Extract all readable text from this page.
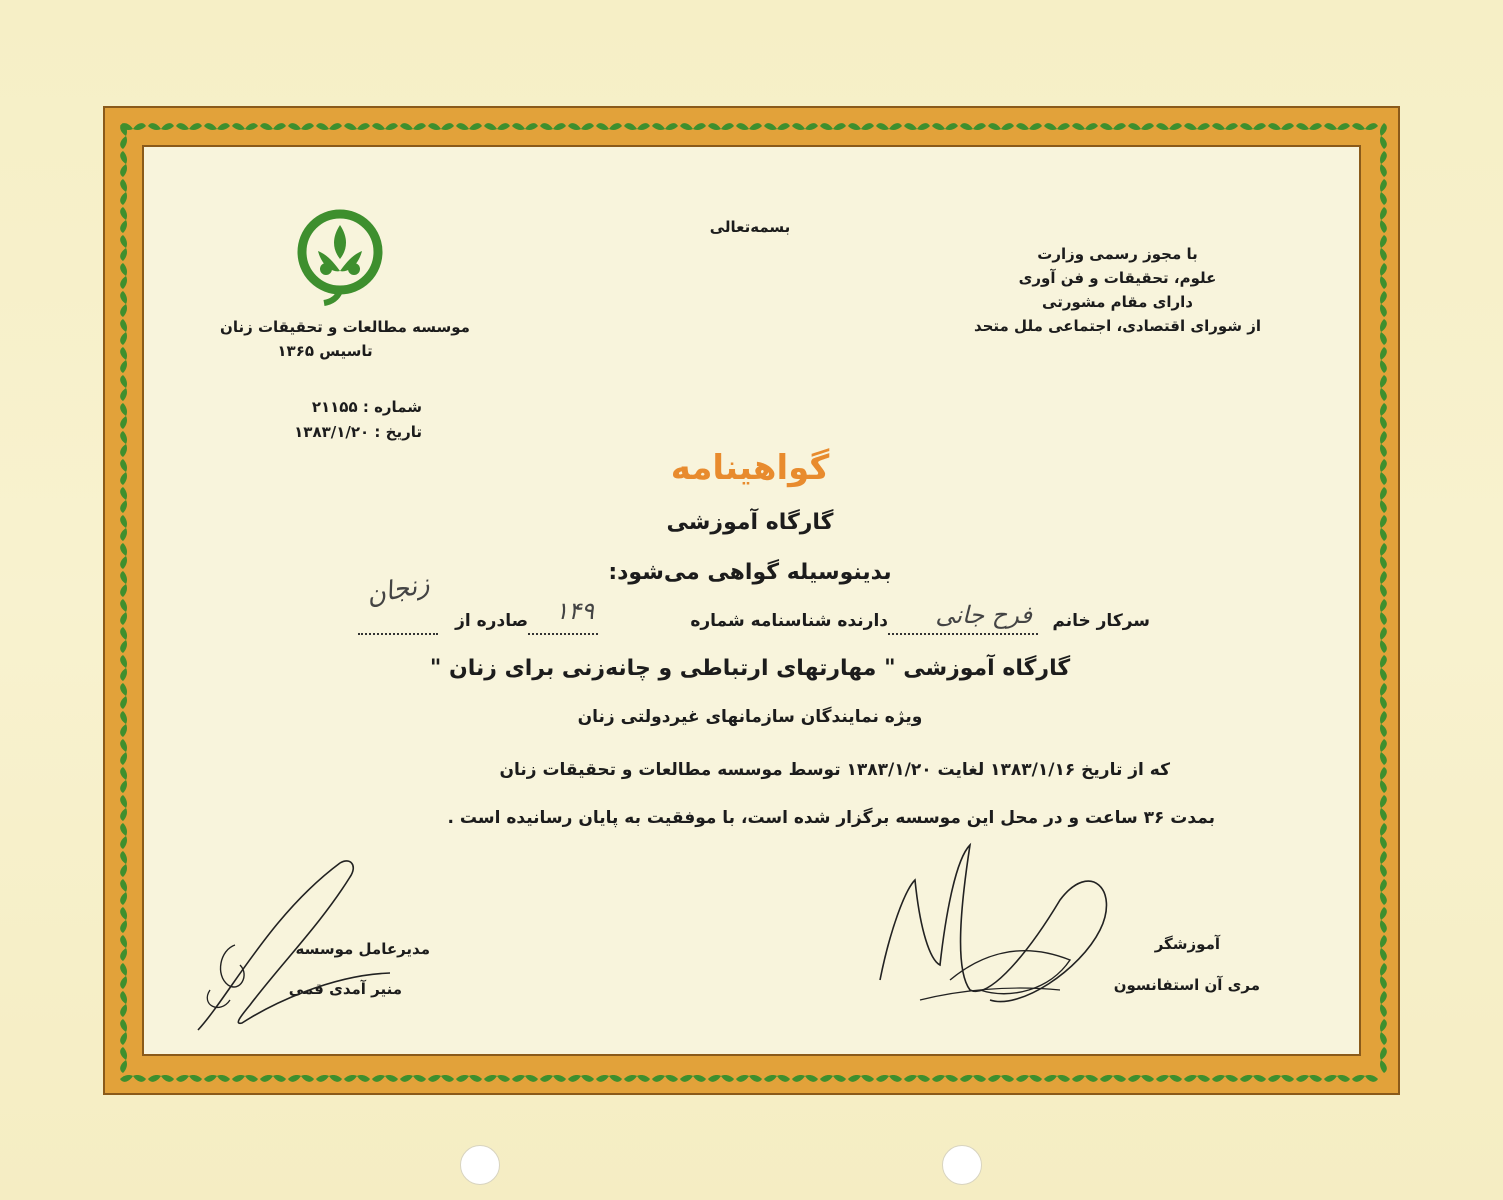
بسمه‌تعالی
با مجوز رسمی وزارت
علوم، تحقیقات و فن آوری
دارای مقام مشورتی
از شورای اقتصادی، اجتماعی ملل متحد
موسسه مطالعات و تحقیقات زنان
تاسیس ۱۳۶۵
شماره : ۲۱۱۵۵
تاریخ : ۱۳۸۳/۱/۲۰
گواهینامه
گارگاه آموزشی
بدینوسیله گواهی می‌شود:
سرکار خانم
فرح جانی
دارنده شناسنامه شماره
۱۴۹
صادره از
زنجان
گارگاه آموزشی " مهارتهای ارتباطی و چانه‌زنی برای زنان "
ویژه نمایندگان سازمانهای غیردولتی زنان
که از تاریخ ۱۳۸۳/۱/۱۶ لغایت ۱۳۸۳/۱/۲۰ توسط موسسه مطالعات و تحقیقات زنان
بمدت ۳۶ ساعت و در محل این موسسه برگزار شده است، با موفقیت به پایان رسانیده است .
مدیرعامل موسسه
منیر آمدی قمی
آموزشگر
مری آن استفانسون
